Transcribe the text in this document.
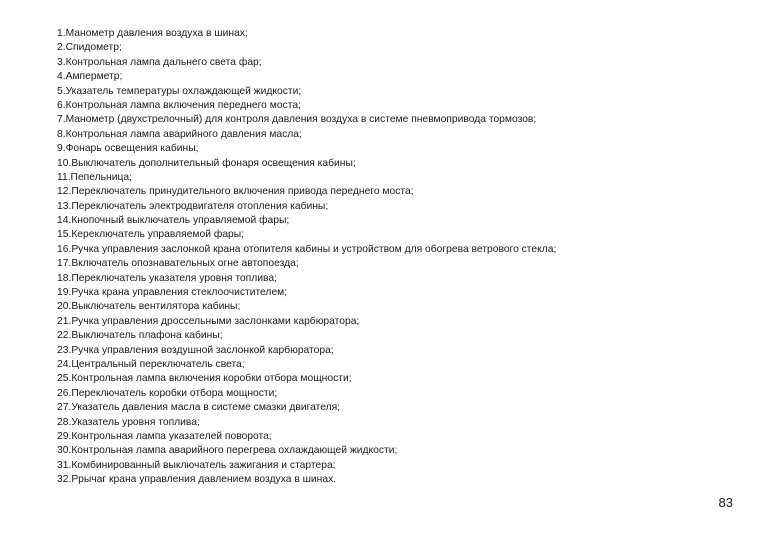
1.Манометр давления воздуха в шинах;
2.Спидометр;
3.Контрольная лампа дальнего света фар;
4.Амперметр;
5.Указатель температуры охлаждающей жидкости;
6.Контрольная лампа включения переднего моста;
7.Манометр (двухстрелочный) для контроля давления воздуха в системе пневмопривода тормозов;
8.Контрольная лампа аварийного давления масла;
9.Фонарь освещения кабины;
10.Выключатель дополнительный фонаря освещения кабины;
11.Пепельница;
12.Переключатель принудительного включения привода переднего моста;
13.Переключатель электродвигателя отопления кабины;
14.Кнопочный выключатель управляемой фары;
15.Кереключатель управляемой фары;
16.Ручка управления заслонкой крана отопителя кабины и устройством для обогрева ветрового стекла;
17.Включатель опознавательных огне автопоезда;
18.Переключатель указателя уровня топлива;
19.Ручка крана управления стеклоочистителем;
20.Выключатель вентилятора кабины;
21.Ручка управления дроссельными заслонками карбюратора;
22.Выключатель плафона кабины;
23.Ручка управления воздушной заслонкой карбюратора;
24.Центральный переключатель света;
25.Контрольная лампа включения коробки отбора мощности;
26.Переключатель коробки отбора мощности;
27.Указатель давления масла в системе смазки двигателя;
28.Указатель уровня топлива;
29.Контрольная лампа указателей поворота;
30.Контрольная лампа аварийного перегрева охлаждающей жидкости;
31.Комбинированный выключатель зажигания и стартера;
32.Ррычаг крана управления давлением воздуха в шинах.
83
